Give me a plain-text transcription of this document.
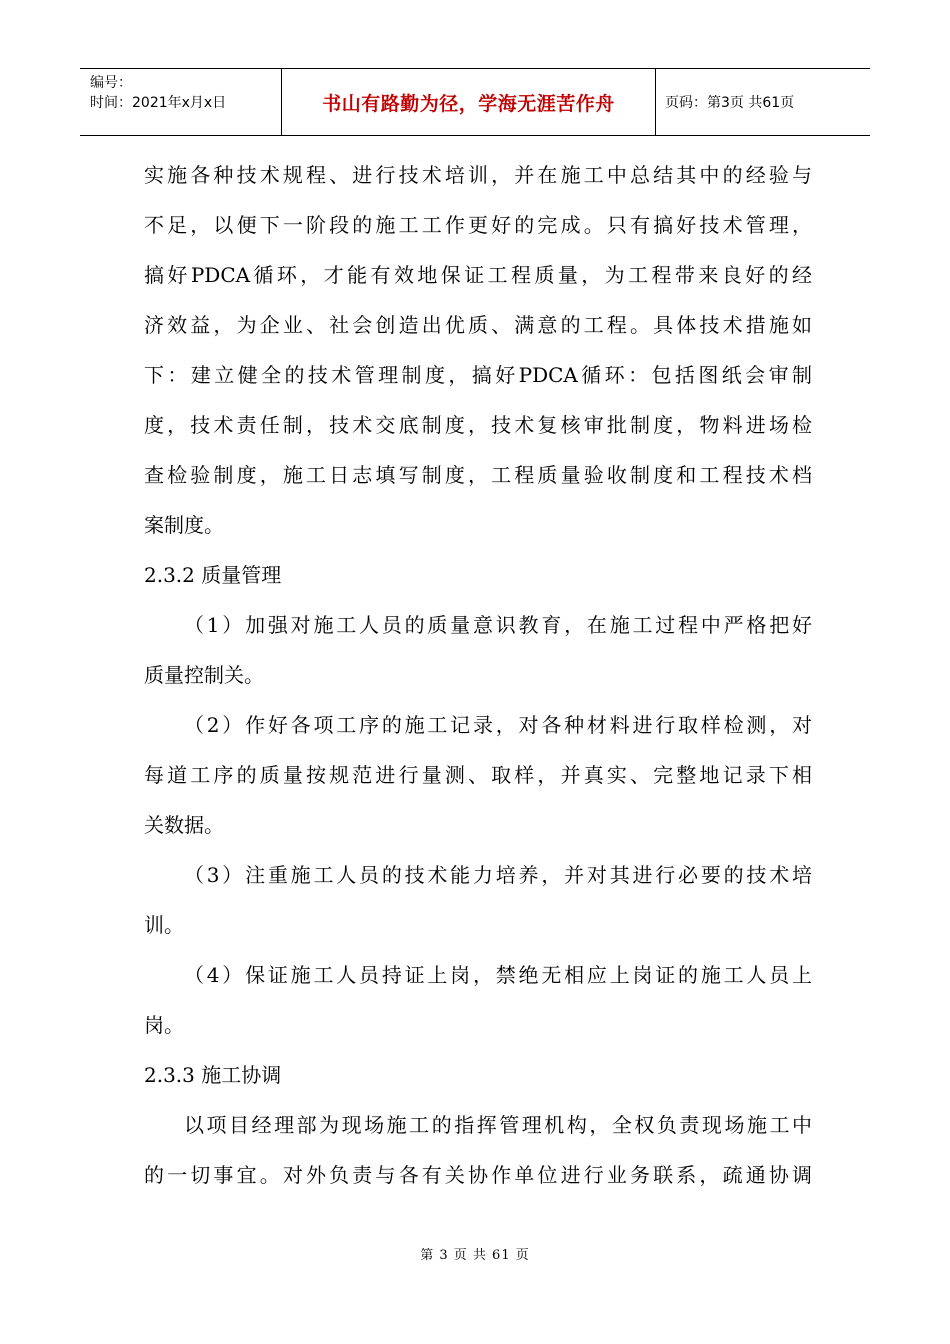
编号：
时间：2021年x月x日	书山有路勤为径，学海无涯苦作舟	页码：第3页 共61页
实施各种技术规程、进行技术培训，并在施工中总结其中的经验与
不足，以便下一阶段的施工工作更好的完成。只有搞好技术管理，
搞好PDCA循环，才能有效地保证工程质量，为工程带来良好的经
济效益，为企业、社会创造出优质、满意的工程。具体技术措施如
下：建立健全的技术管理制度，搞好PDCA循环：包括图纸会审制
度，技术责任制，技术交底制度，技术复核审批制度，物料进场检
查检验制度，施工日志填写制度，工程质量验收制度和工程技术档
案制度。
2.3.2 质量管理
（1）加强对施工人员的质量意识教育，在施工过程中严格把好
质量控制关。
（2）作好各项工序的施工记录，对各种材料进行取样检测，对
每道工序的质量按规范进行量测、取样，并真实、完整地记录下相
关数据。
（3）注重施工人员的技术能力培养，并对其进行必要的技术培
训。
（4）保证施工人员持证上岗，禁绝无相应上岗证的施工人员上
岗。
2.3.3 施工协调
以项目经理部为现场施工的指挥管理机构，全权负责现场施工中
的一切事宜。对外负责与各有关协作单位进行业务联系，疏通协调
第 3 页 共 61 页
